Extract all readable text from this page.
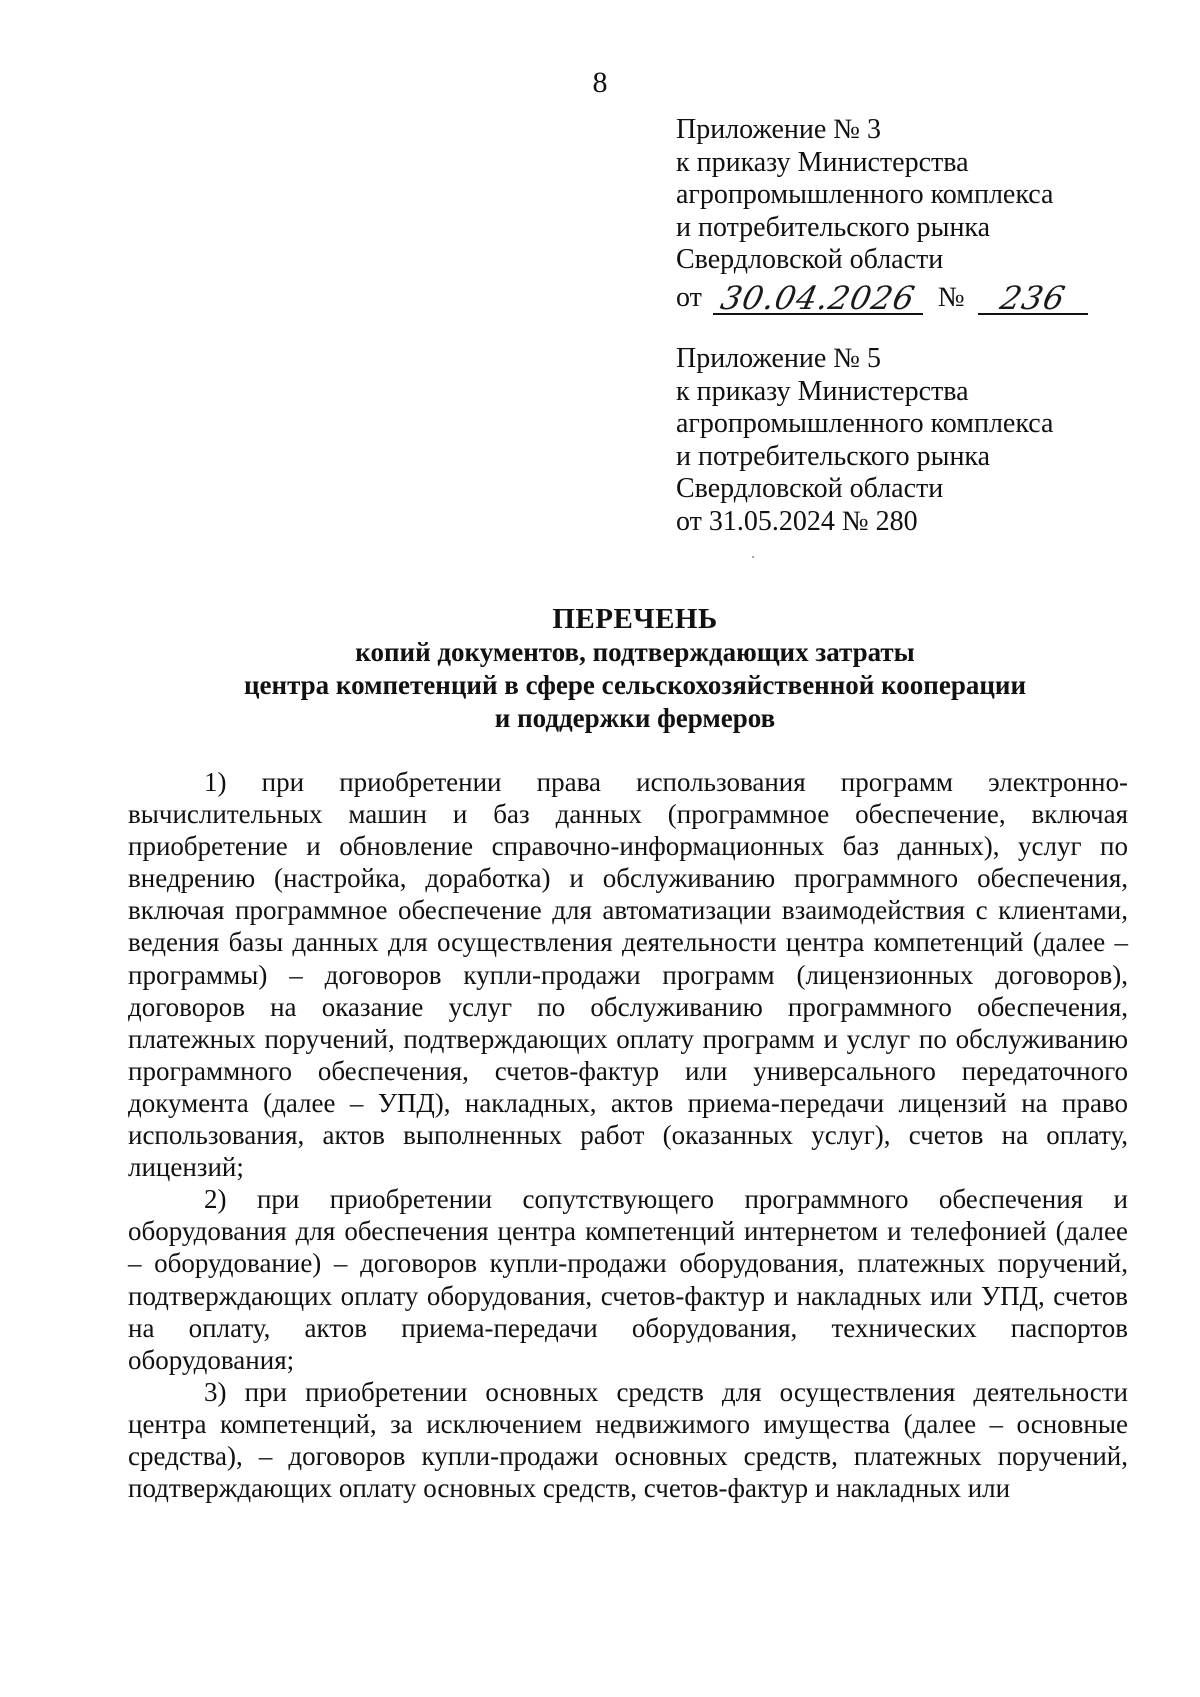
8
Приложение № 3
к приказу Министерства
агропромышленного комплекса
и потребительского рынка
Свердловской области
от 30.04.2026 № 236
Приложение № 5
к приказу Министерства
агропромышленного комплекса
и потребительского рынка
Свердловской области
от 31.05.2024 № 280
ПЕРЕЧЕНЬ
копий документов, подтверждающих затраты
центра компетенций в сфере сельскохозяйственной кооперации
и поддержки фермеров

1) при приобретении права использования программ электронно-вычислительных машин и баз данных (программное обеспечение, включая приобретение и обновление справочно-информационных баз данных), услуг по внедрению (настройка, доработка) и обслуживанию программного обеспечения, включая программное обеспечение для автоматизации взаимодействия с клиентами, ведения базы данных для осуществления деятельности центра компетенций (далее – программы) – договоров купли-продажи программ (лицензионных договоров), договоров на оказание услуг по обслуживанию программного обеспечения, платежных поручений, подтверждающих оплату программ и услуг по обслуживанию программного обеспечения, счетов-фактур или универсального передаточного документа (далее – УПД), накладных, актов приема-передачи лицензий на право использования, актов выполненных работ (оказанных услуг), счетов на оплату, лицензий;

2) при приобретении сопутствующего программного обеспечения и оборудования для обеспечения центра компетенций интернетом и телефонией (далее – оборудование) – договоров купли-продажи оборудования, платежных поручений, подтверждающих оплату оборудования, счетов-фактур и накладных или УПД, счетов на оплату, актов приема-передачи оборудования, технических паспортов оборудования;

3) при приобретении основных средств для осуществления деятельности центра компетенций, за исключением недвижимого имущества (далее – основные средства), – договоров купли-продажи основных средств, платежных поручений, подтверждающих оплату основных средств, счетов-фактур и накладных или
